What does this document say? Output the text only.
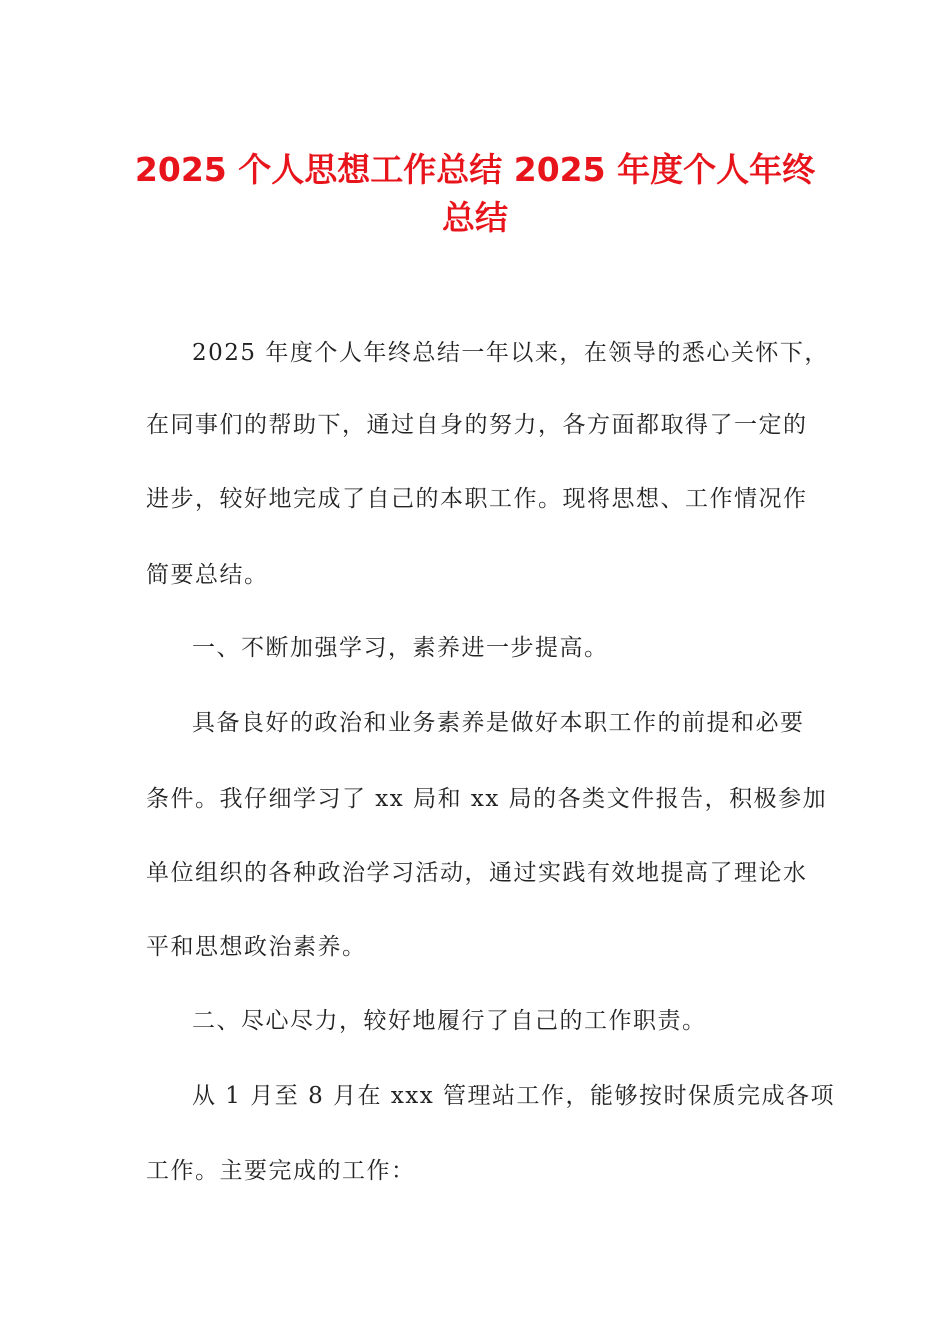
2025 个人思想工作总结 2025 年度个人年终
总结
2025 年度个人年终总结一年以来，在领导的悉心关怀下，
在同事们的帮助下，通过自身的努力，各方面都取得了一定的
进步，较好地完成了自己的本职工作。现将思想、工作情况作
简要总结。
一、不断加强学习，素养进一步提高。
具备良好的政治和业务素养是做好本职工作的前提和必要
条件。我仔细学习了 xx 局和 xx 局的各类文件报告，积极参加
单位组织的各种政治学习活动，通过实践有效地提高了理论水
平和思想政治素养。
二、尽心尽力，较好地履行了自己的工作职责。
从 1 月至 8 月在 xxx 管理站工作，能够按时保质完成各项
工作。主要完成的工作：
